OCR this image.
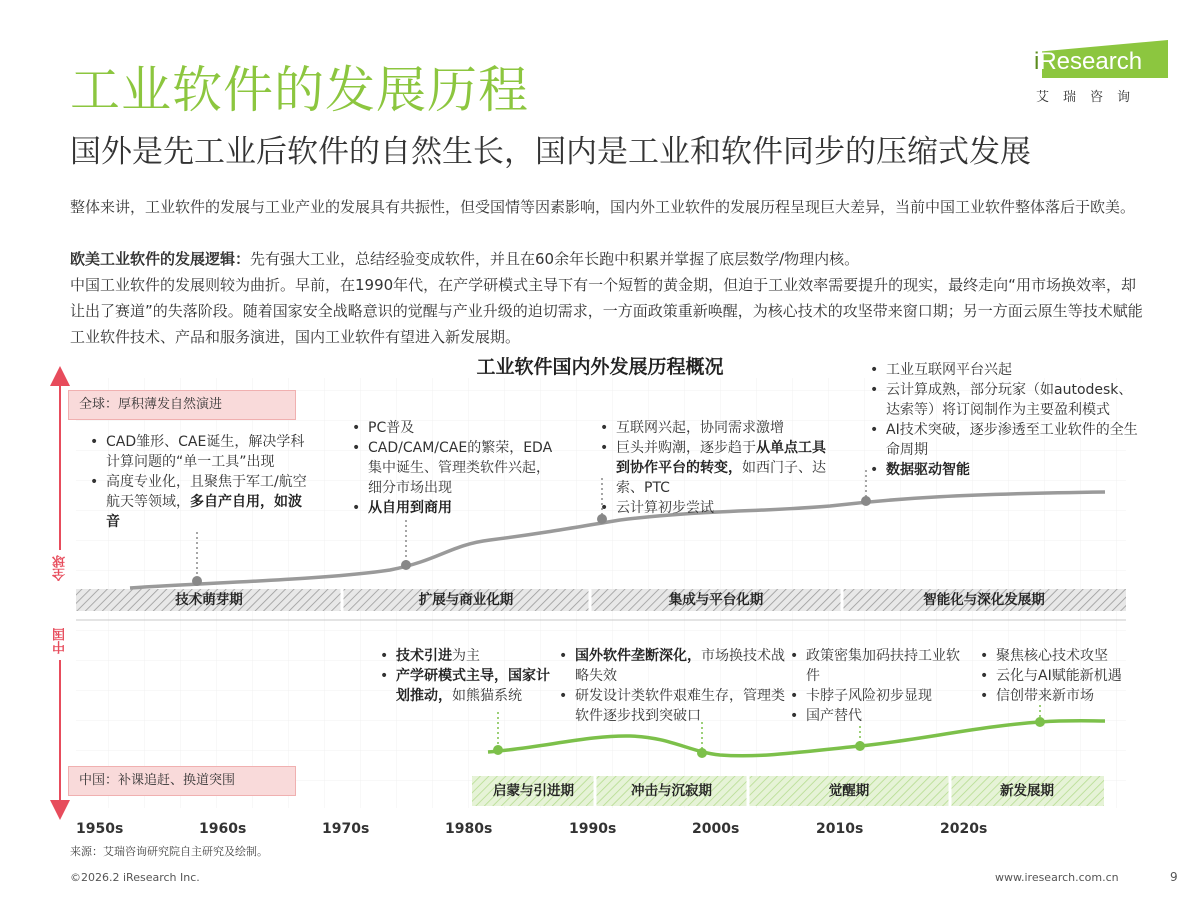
工业软件的发展历程
国外是先工业后软件的自然生长，国内是工业和软件同步的压缩式发展
iResearch
艾瑞咨询
整体来讲，工业软件的发展与工业产业的发展具有共振性，但受国情等因素影响，国内外工业软件的发展历程呈现巨大差异，当前中国工业软件整体落后于欧美。
欧美工业软件的发展逻辑：先有强大工业，总结经验变成软件，并且在60余年长跑中积累并掌握了底层数学/物理内核。
中国工业软件的发展则较为曲折。早前，在1990年代，在产学研模式主导下有一个短暂的黄金期，但迫于工业效率需要提升的现实，最终走向“用市场换效率，却让出了赛道”的失落阶段。随着国家安全战略意识的觉醒与产业升级的迫切需求，一方面政策重新唤醒，为核心技术的攻坚带来窗口期；另一方面云原生等技术赋能工业软件技术、产品和服务演进，国内工业软件有望进入新发展期。
工业软件国内外发展历程概况
全球
中国
全球：厚积薄发自然演进
中国：补课追赶、换道突围
技术萌芽期	扩展与商业化期	集成与平台化期	智能化与深化发展期
启蒙与引进期	冲击与沉寂期	觉醒期	新发展期
• CAD雏形、CAE诞生，解决学科计算问题的“单一工具”出现
• 高度专业化，且聚焦于军工/航空航天等领域，多自产自用，如波音
• PC普及
• CAD/CAM/CAE的繁荣，EDA集中诞生、管理类软件兴起，细分市场出现
• 从自用到商用
• 互联网兴起，协同需求激增
• 巨头并购潮，逐步趋于从单点工具到协作平台的转变，如西门子、达索、PTC
• 云计算初步尝试
• 工业互联网平台兴起
• 云计算成熟，部分玩家（如autodesk、达索等）将订阅制作为主要盈利模式
• AI技术突破，逐步渗透至工业软件的全生命周期
• 数据驱动智能
• 技术引进为主
• 产学研模式主导，国家计划推动，如熊猫系统
• 国外软件垄断深化，市场换技术战略失效
• 研发设计类软件艰难生存，管理类软件逐步找到突破口
• 政策密集加码扶持工业软件
• 卡脖子风险初步显现
• 国产替代
• 聚焦核心技术攻坚
• 云化与AI赋能新机遇
• 信创带来新市场
1950s	1960s	1970s	1980s	1990s	2000s	2010s	2020s
来源：艾瑞咨询研究院自主研究及绘制。
©2026.2 iResearch Inc.	www.iresearch.com.cn	9
